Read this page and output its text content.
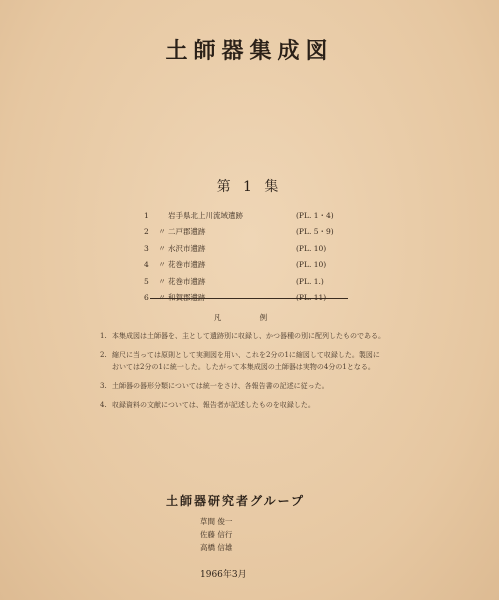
土師器集成図
第 1 集
1	岩手県北上川流域遺跡	(PL. 1・4)
2	〃 二戸郡遺跡	(PL. 5・9)
3	〃 水沢市遺跡	(PL. 10)
4	〃 花巻市遺跡	(PL. 10)
5	〃 花巻市遺跡	(PL. 1.)
6	〃 和賀郡遺跡	(PL. 11)
凡 例
1. 本集成図は土師器を、主として遺跡別に収録し、かつ器種の別に配列したものである。
2. 縮尺に当っては原則として実測図を用い、これを2分の1に縮図して収録した。製図においては2分の1に統一した。したがって本集成図の土師器は実物の4分の1となる。
3. 土師器の器形分類については統一をさけ、各報告書の記述に従った。
4. 収録資料の文献については、報告者が記述したものを収録した。
土師器研究者グループ
草間 俊一
佐藤 信行
高橋 信雄
1966年3月
